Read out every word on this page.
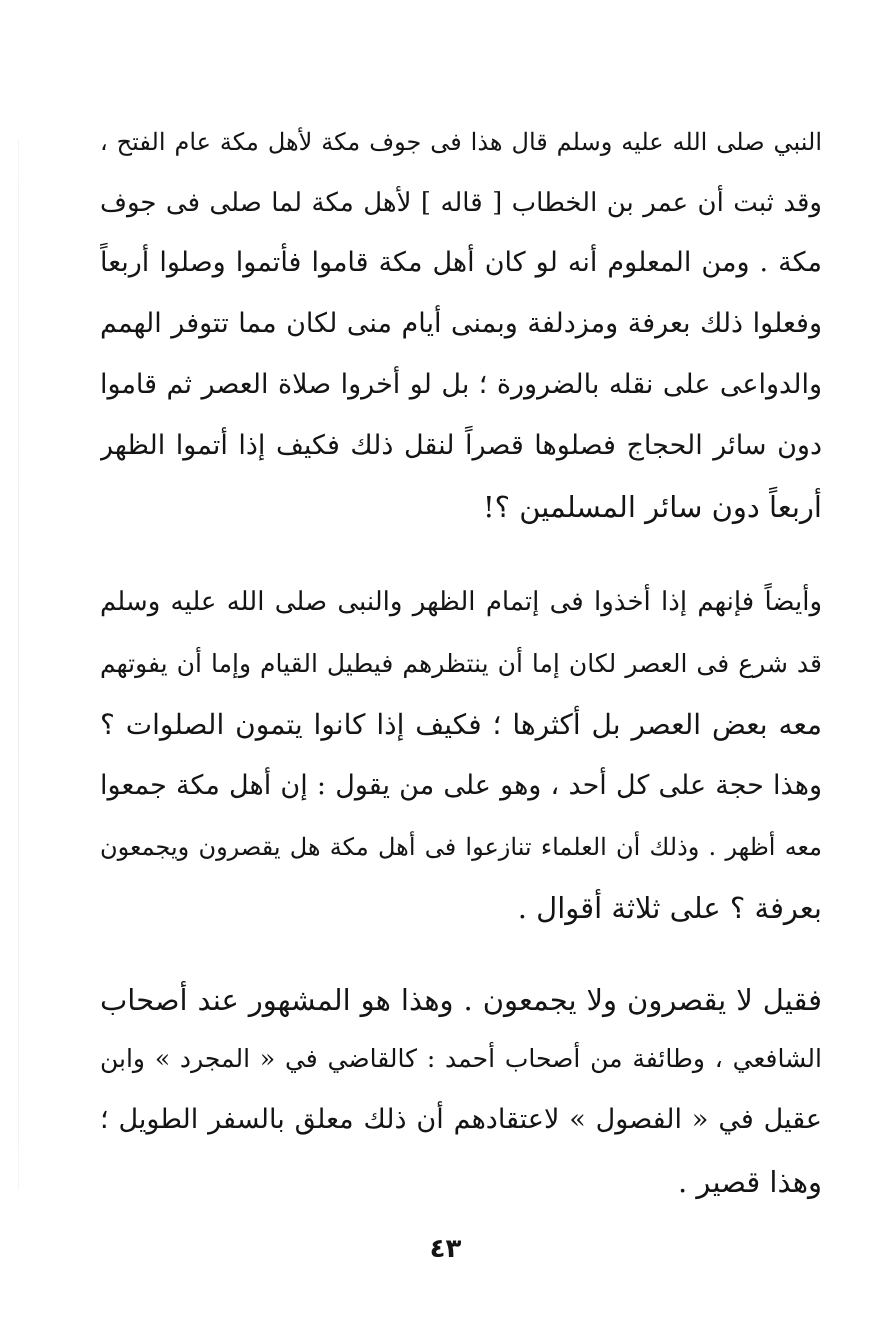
النبي صلى الله عليه وسلم قال هذا فى جوف مكة لأهل مكة عام الفتح ،
وقد ثبت أن عمر بن الخطاب [ قاله ] لأهل مكة لما صلى فى جوف
مكة . ومن المعلوم أنه لو كان أهل مكة قاموا فأتموا وصلوا أربعاً
وفعلوا ذلك بعرفة ومزدلفة وبمنى أيام منى لكان مما تتوفر الهمم
والدواعى على نقله بالضرورة ؛ بل لو أخروا صلاة العصر ثم قاموا
دون سائر الحجاج فصلوها قصراً لنقل ذلك فكيف إذا أتموا الظهر
أربعاً دون سائر المسلمين ؟!
وأيضاً فإنهم إذا أخذوا فى إتمام الظهر والنبى صلى الله عليه وسلم
قد شرع فى العصر لكان إما أن ينتظرهم فيطيل القيام وإما أن يفوتهم
معه بعض العصر بل أكثرها ؛ فكيف إذا كانوا يتمون الصلوات ؟
وهذا حجة على كل أحد ، وهو على من يقول : إن أهل مكة جمعوا
معه أظهر . وذلك أن العلماء تنازعوا فى أهل مكة هل يقصرون ويجمعون
بعرفة ؟ على ثلاثة أقوال .
فقيل لا يقصرون ولا يجمعون . وهذا هو المشهور عند أصحاب
الشافعي ، وطائفة من أصحاب أحمد : كالقاضي في « المجرد » وابن
عقيل في « الفصول » لاعتقادهم أن ذلك معلق بالسفر الطويل ؛
وهذا قصير .
٤٣
